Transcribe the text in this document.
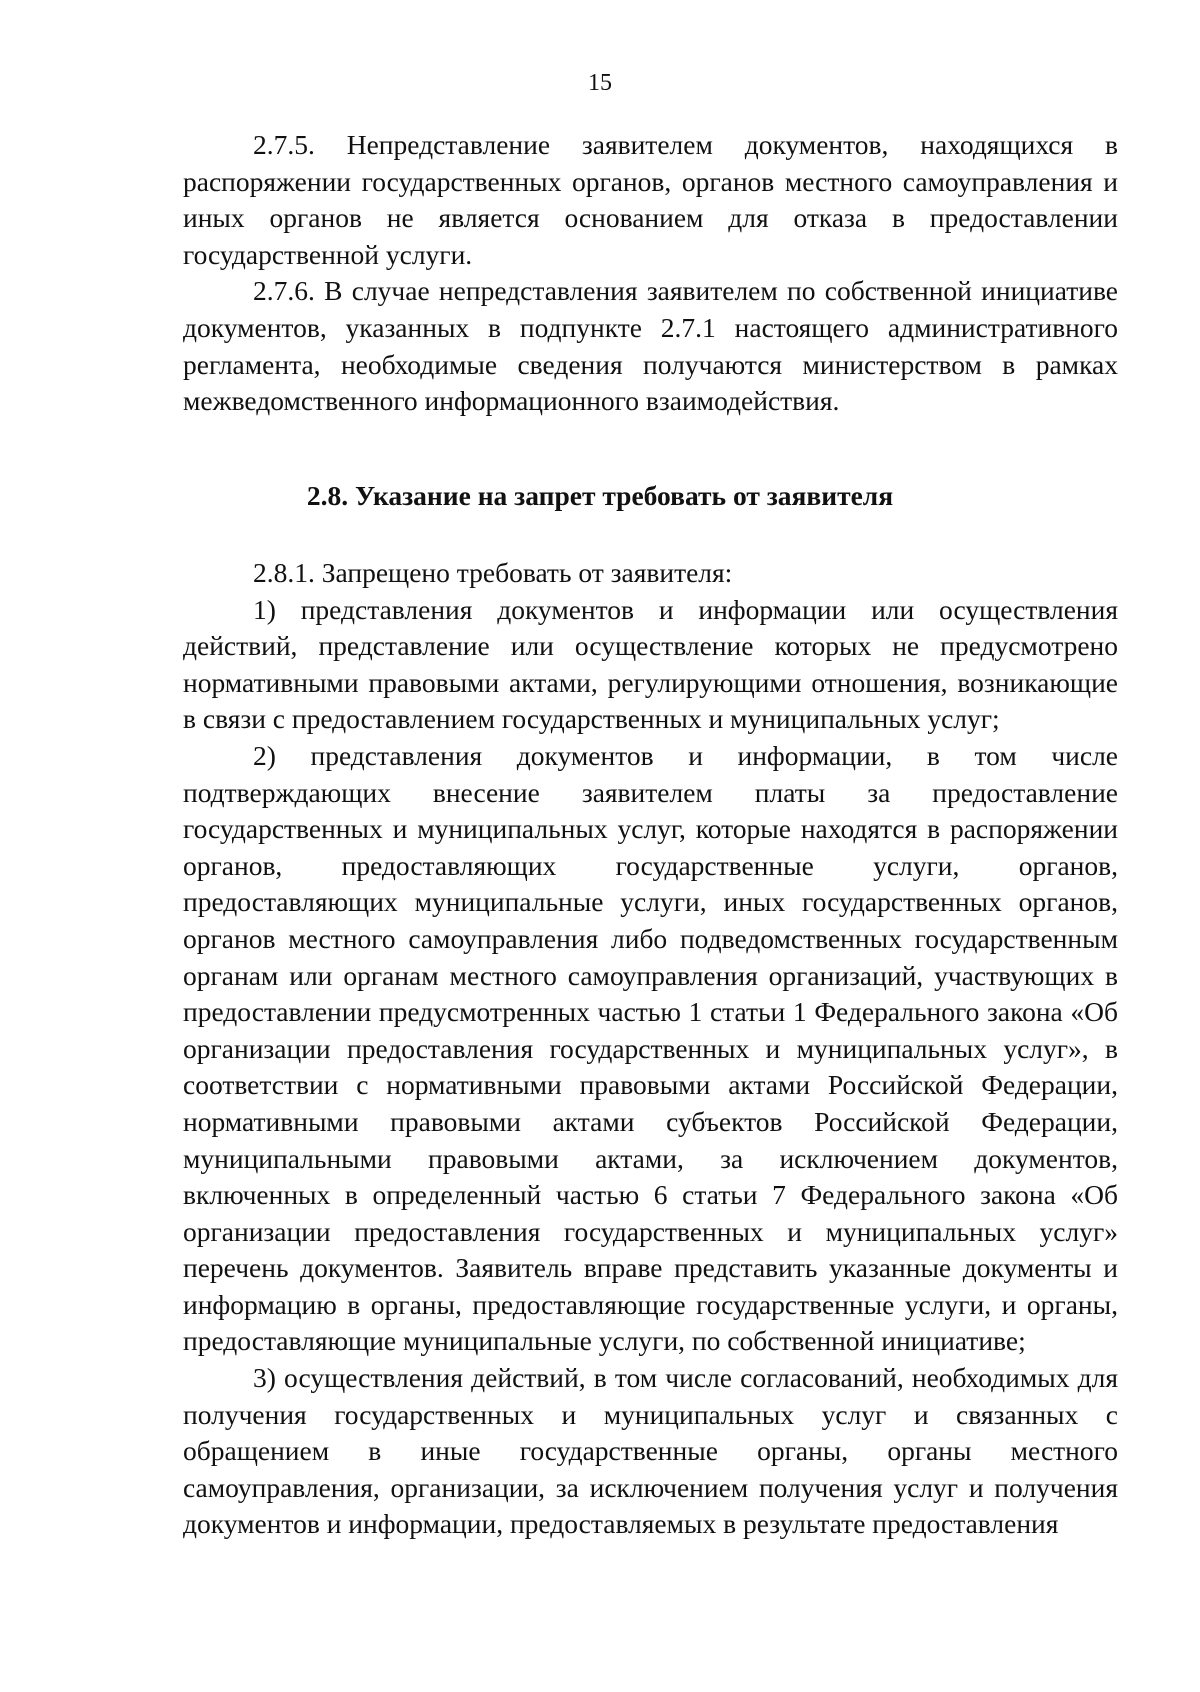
15

2.7.5. Непредставление заявителем документов, находящихся в распоряжении государственных органов, органов местного самоуправления и иных органов не является основанием для отказа в предоставлении государственной услуги.

2.7.6. В случае непредставления заявителем по собственной инициативе документов, указанных в подпункте 2.7.1 настоящего административного регламента, необходимые сведения получаются министерством в рамках межведомственного информационного взаимодействия.

2.8. Указание на запрет требовать от заявителя

2.8.1. Запрещено требовать от заявителя:

1) представления документов и информации или осуществления действий, представление или осуществление которых не предусмотрено нормативными правовыми актами, регулирующими отношения, возникающие в связи с предоставлением государственных и муниципальных услуг;

2) представления документов и информации, в том числе подтверждающих внесение заявителем платы за предоставление государственных и муниципальных услуг, которые находятся в распоряжении органов, предоставляющих государственные услуги, органов, предоставляющих муниципальные услуги, иных государственных органов, органов местного самоуправления либо подведомственных государственным органам или органам местного самоуправления организаций, участвующих в предоставлении предусмотренных частью 1 статьи 1 Федерального закона «Об организации предоставления государственных и муниципальных услуг», в соответствии с нормативными правовыми актами Российской Федерации, нормативными правовыми актами субъектов Российской Федерации, муниципальными правовыми актами, за исключением документов, включенных в определенный частью 6 статьи 7 Федерального закона «Об организации предоставления государственных и муниципальных услуг» перечень документов. Заявитель вправе представить указанные документы и информацию в органы, предоставляющие государственные услуги, и органы, предоставляющие муниципальные услуги, по собственной инициативе;

3) осуществления действий, в том числе согласований, необходимых для получения государственных и муниципальных услуг и связанных с обращением в иные государственные органы, органы местного самоуправления, организации, за исключением получения услуг и получения документов и информации, предоставляемых в результате предоставления
